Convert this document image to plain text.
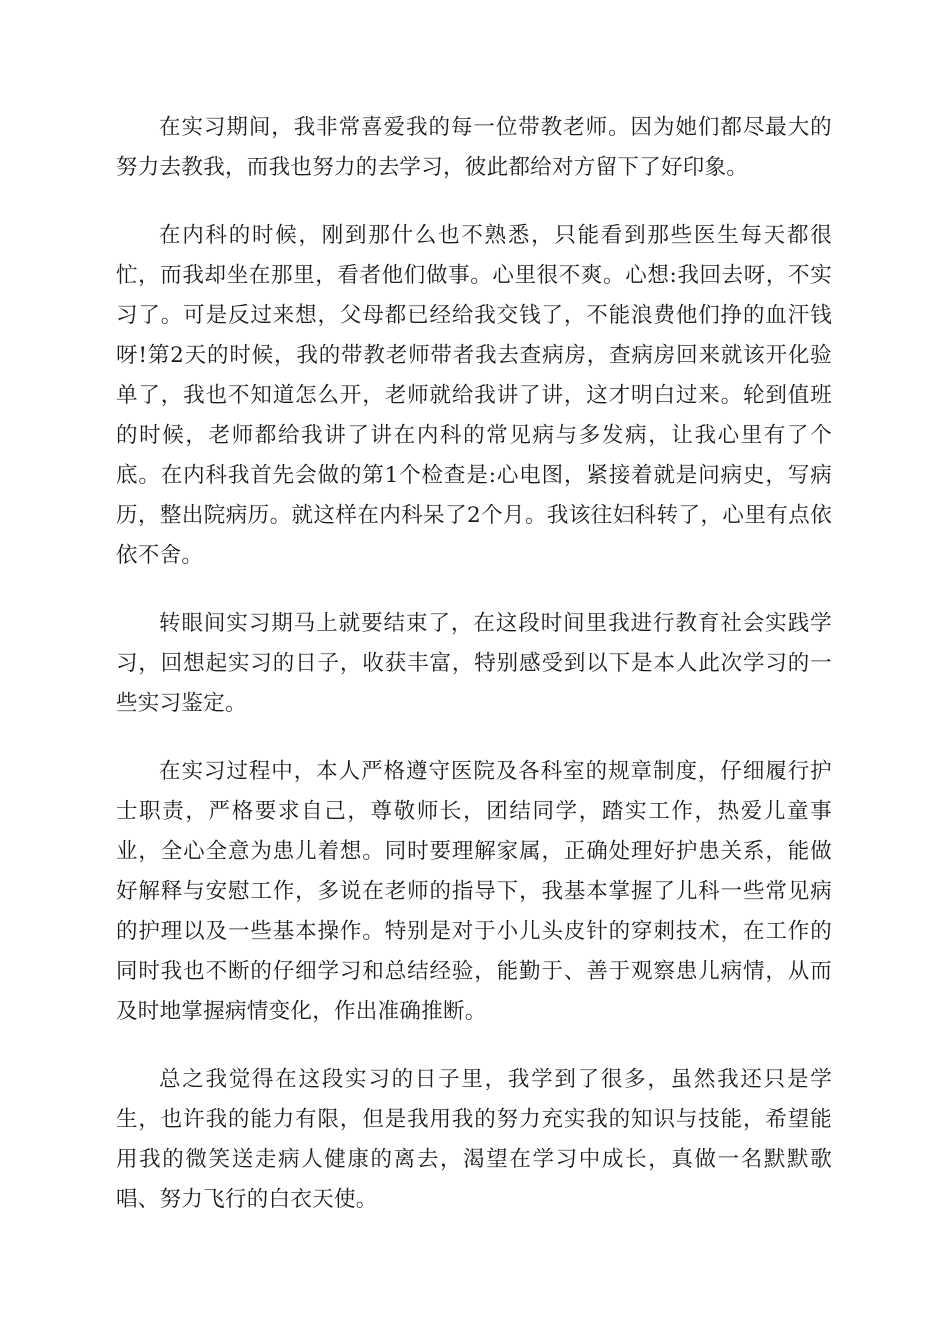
在实习期间，我非常喜爱我的每一位带教老师。因为她们都尽最大的努力去教我，而我也努力的去学习，彼此都给对方留下了好印象。

在内科的时候，刚到那什么也不熟悉，只能看到那些医生每天都很忙，而我却坐在那里，看者他们做事。心里很不爽。心想:我回去呀，不实习了。可是反过来想，父母都已经给我交钱了，不能浪费他们挣的血汗钱呀!第2天的时候，我的带教老师带者我去查病房，查病房回来就该开化验单了，我也不知道怎么开，老师就给我讲了讲，这才明白过来。轮到值班的时候，老师都给我讲了讲在内科的常见病与多发病，让我心里有了个底。在内科我首先会做的第1个检查是:心电图，紧接着就是问病史，写病历，整出院病历。就这样在内科呆了2个月。我该往妇科转了，心里有点依依不舍。

转眼间实习期马上就要结束了，在这段时间里我进行教育社会实践学习，回想起实习的日子，收获丰富，特别感受到以下是本人此次学习的一些实习鉴定。

在实习过程中，本人严格遵守医院及各科室的规章制度，仔细履行护士职责，严格要求自己，尊敬师长，团结同学，踏实工作，热爱儿童事业，全心全意为患儿着想。同时要理解家属，正确处理好护患关系，能做好解释与安慰工作，多说在老师的指导下，我基本掌握了儿科一些常见病的护理以及一些基本操作。特别是对于小儿头皮针的穿刺技术，在工作的同时我也不断的仔细学习和总结经验，能勤于、善于观察患儿病情，从而及时地掌握病情变化，作出准确推断。

总之我觉得在这段实习的日子里，我学到了很多，虽然我还只是学生，也许我的能力有限，但是我用我的努力充实我的知识与技能，希望能用我的微笑送走病人健康的离去，渴望在学习中成长，真做一名默默歌唱、努力飞行的白衣天使。
